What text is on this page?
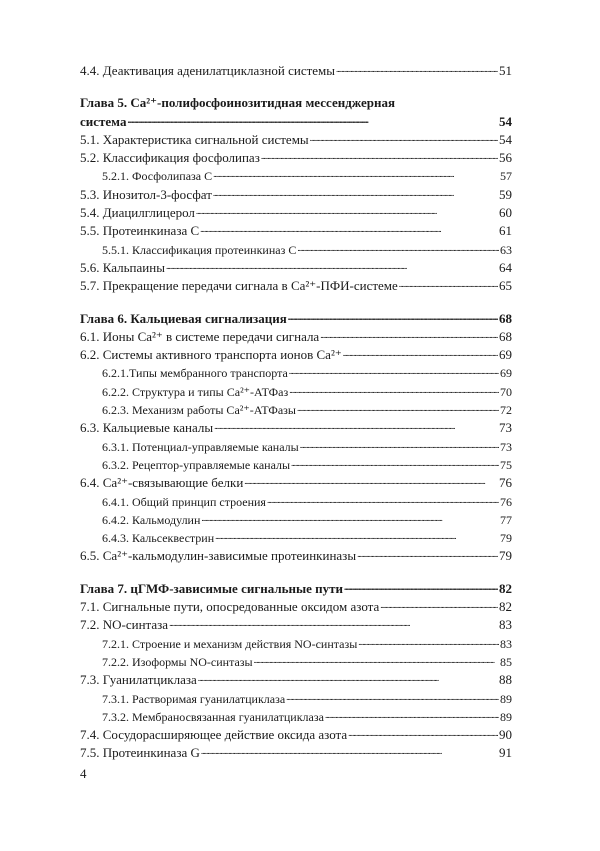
4.4. Деактивация аденилатциклазной системы . . .	51
Глава 5. Ca²⁺-полифосфоинозитидная мессенджерная
система . . .	54
5.1. Характеристика сигнальной системы . . .	54
5.2. Классификация фосфолипаз . . .	56
5.2.1. Фосфолипаза C . . .	57
5.3. Инозитол-3-фосфат . . .	59
5.4. Диацилглицерол . . .	60
5.5. Протеинкиназа C . . .	61
5.5.1. Классификация протеинкиназ C . . .	63
5.6. Кальпаины . . .	64
5.7. Прекращение передачи сигнала в Ca²⁺-ПФИ-системе . . .	65
Глава 6. Кальциевая сигнализация . . .	68
6.1. Ионы Ca²⁺ в системе передачи сигнала . . .	68
6.2. Системы активного транспорта ионов Ca²⁺ . . .	69
6.2.1.Типы мембранного транспорта . . .	69
6.2.2. Структура и типы Ca²⁺-АТФаз . . .	70
6.2.3. Механизм работы Ca²⁺-АТФазы . . .	72
6.3. Кальциевые каналы . . .	73
6.3.1. Потенциал-управляемые каналы . . .	73
6.3.2. Рецептор-управляемые каналы . . .	75
6.4. Ca²⁺-связывающие белки . . .	76
6.4.1. Общий принцип строения . . .	76
6.4.2. Кальмодулин . . .	77
6.4.3. Кальсеквестрин . . .	79
6.5. Ca²⁺-кальмодулин-зависимые протеинкиназы . . .	79
Глава 7. цГМФ-зависимые сигнальные пути . . .	82
7.1. Сигнальные пути, опосредованные оксидом азота . . .	82
7.2. NO-синтаза . . .	83
7.2.1. Строение и механизм действия NO-синтазы . . .	83
7.2.2. Изоформы NO-синтазы . . .	85
7.3. Гуанилатциклаза . . .	88
7.3.1. Растворимая гуанилатциклаза . . .	89
7.3.2. Мембраносвязанная гуанилатциклаза . . .	89
7.4. Сосудорасширяющее действие оксида азота . . .	90
7.5. Протеинкиназа G . . .	91
4
